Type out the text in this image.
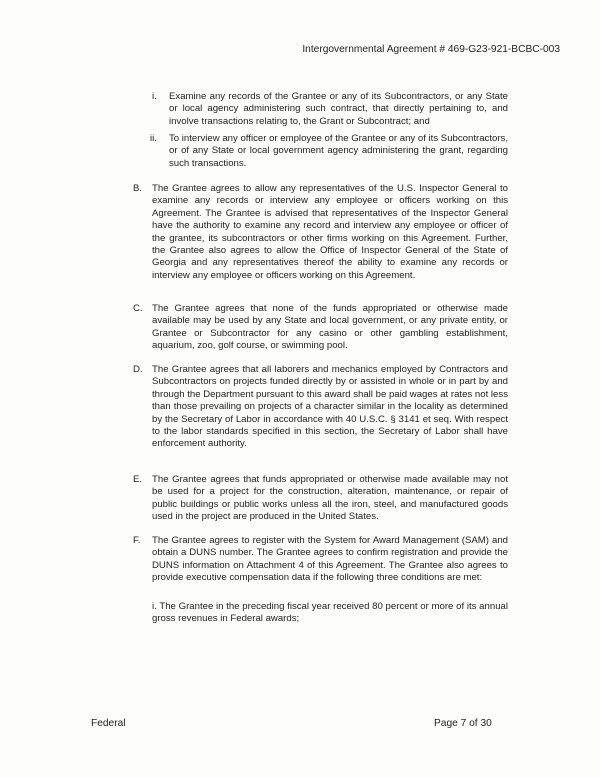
Intergovernmental Agreement # 469-G23-921-BCBC-003
i. Examine any records of the Grantee or any of its Subcontractors, or any State or local agency administering such contract, that directly pertaining to, and involve transactions relating to, the Grant or Subcontract; and
ii. To interview any officer or employee of the Grantee or any of its Subcontractors, or of any State or local government agency administering the grant, regarding such transactions.
B. The Grantee agrees to allow any representatives of the U.S. Inspector General to examine any records or interview any employee or officers working on this Agreement. The Grantee is advised that representatives of the Inspector General have the authority to examine any record and interview any employee or officer of the grantee, its subcontractors or other firms working on this Agreement. Further, the Grantee also agrees to allow the Office of Inspector General of the State of Georgia and any representatives thereof the ability to examine any records or interview any employee or officers working on this Agreement.
C. The Grantee agrees that none of the funds appropriated or otherwise made available may be used by any State and local government, or any private entity, or Grantee or Subcontractor for any casino or other gambling establishment, aquarium, zoo, golf course, or swimming pool.
D. The Grantee agrees that all laborers and mechanics employed by Contractors and Subcontractors on projects funded directly by or assisted in whole or in part by and through the Department pursuant to this award shall be paid wages at rates not less than those prevailing on projects of a character similar in the locality as determined by the Secretary of Labor in accordance with 40 U.S.C. § 3141 et seq. With respect to the labor standards specified in this section, the Secretary of Labor shall have enforcement authority.
E. The Grantee agrees that funds appropriated or otherwise made available may not be used for a project for the construction, alteration, maintenance, or repair of public buildings or public works unless all the iron, steel, and manufactured goods used in the project are produced in the United States.
F. The Grantee agrees to register with the System for Award Management (SAM) and obtain a DUNS number. The Grantee agrees to confirm registration and provide the DUNS information on Attachment 4 of this Agreement. The Grantee also agrees to provide executive compensation data if the following three conditions are met:
i. The Grantee in the preceding fiscal year received 80 percent or more of its annual gross revenues in Federal awards;
Federal	Page 7 of 30
